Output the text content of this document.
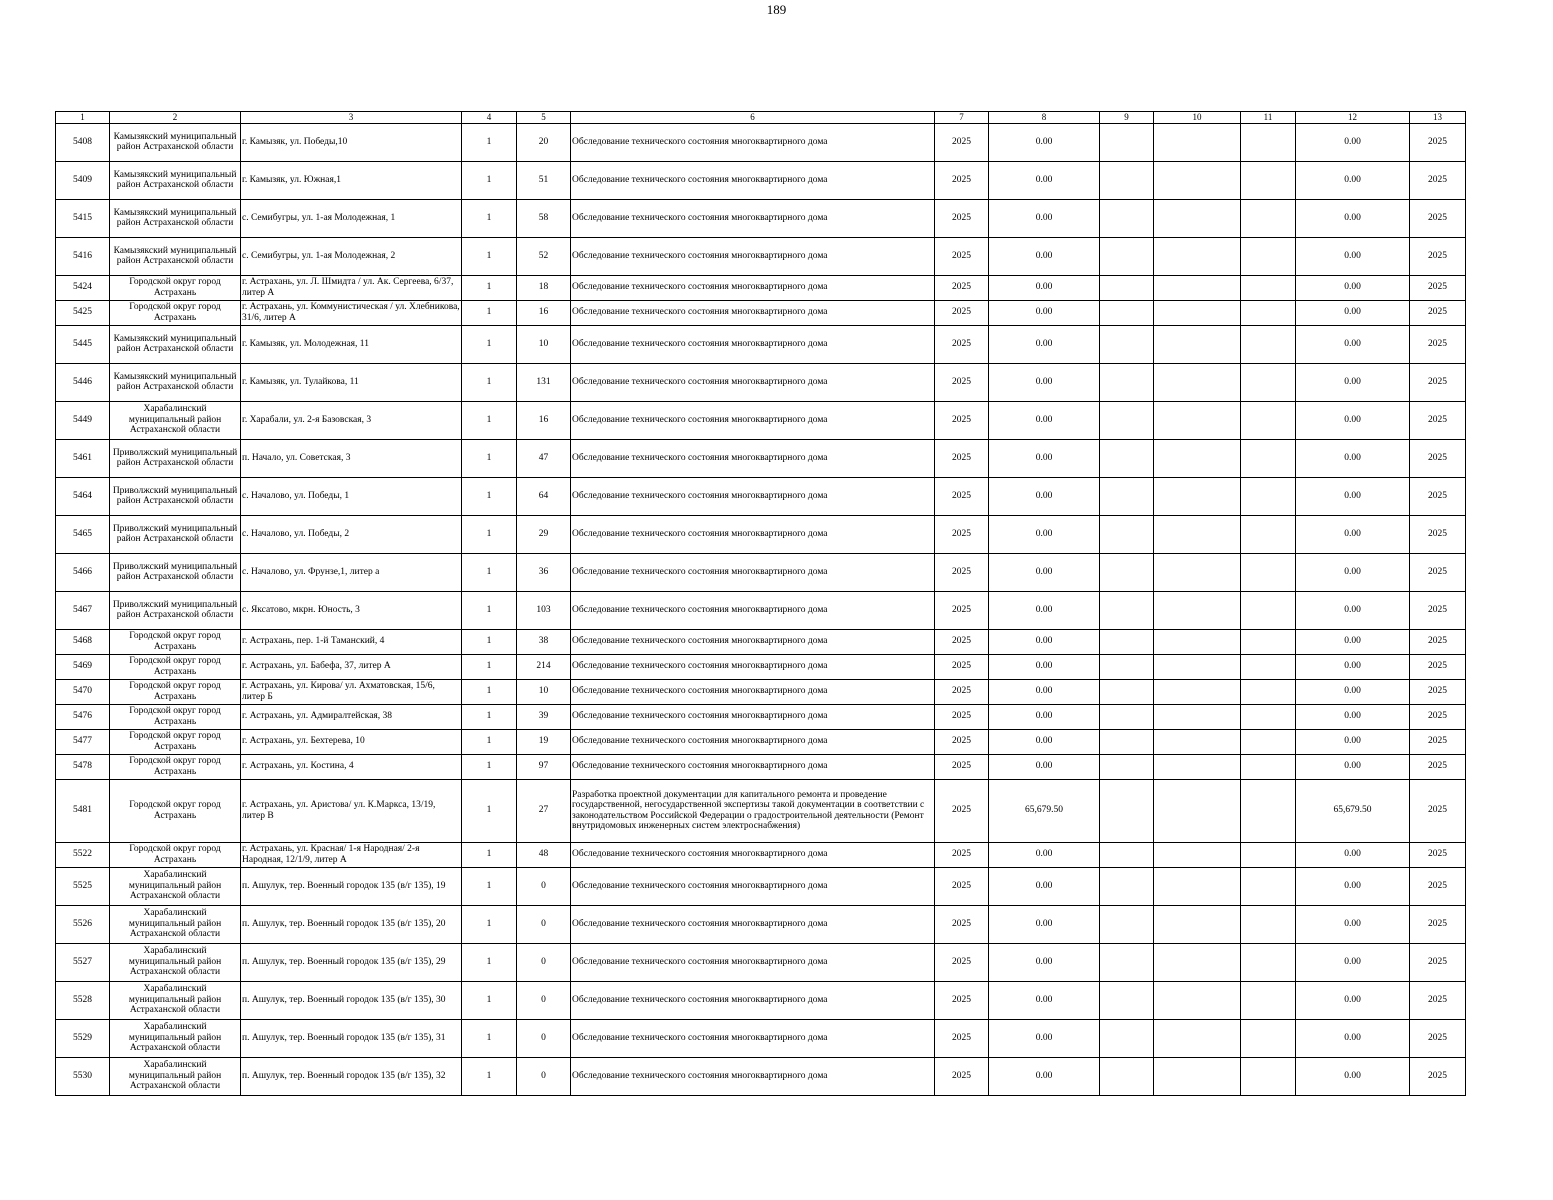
189
1	2	3	4	5	6	7	8	9	10	11	12	13
5408	Камызякский муниципальный район Астраханской области	г. Камызяк, ул. Победы,10	1	20	Обследование технического состояния многоквартирного дома	2025	0.00				0.00	2025
5409	Камызякский муниципальный район Астраханской области	г. Камызяк, ул. Южная,1	1	51	Обследование технического состояния многоквартирного дома	2025	0.00				0.00	2025
5415	Камызякский муниципальный район Астраханской области	с. Семибугры, ул. 1-ая Молодежная, 1	1	58	Обследование технического состояния многоквартирного дома	2025	0.00				0.00	2025
5416	Камызякский муниципальный район Астраханской области	с. Семибугры, ул. 1-ая Молодежная, 2	1	52	Обследование технического состояния многоквартирного дома	2025	0.00				0.00	2025
5424	Городской округ город Астрахань	г. Астрахань, ул. Л. Шмидта / ул. Ак. Сергеева, 6/37, литер А	1	18	Обследование технического состояния многоквартирного дома	2025	0.00				0.00	2025
5425	Городской округ город Астрахань	г. Астрахань, ул. Коммунистическая / ул. Хлебникова, 31/6, литер А	1	16	Обследование технического состояния многоквартирного дома	2025	0.00				0.00	2025
5445	Камызякский муниципальный район Астраханской области	г. Камызяк, ул. Молодежная, 11	1	10	Обследование технического состояния многоквартирного дома	2025	0.00				0.00	2025
5446	Камызякский муниципальный район Астраханской области	г. Камызяк, ул. Тулайкова, 11	1	131	Обследование технического состояния многоквартирного дома	2025	0.00				0.00	2025
5449	Харабалинский муниципальный район Астраханской области	г. Харабали, ул. 2-я Базовская, 3	1	16	Обследование технического состояния многоквартирного дома	2025	0.00				0.00	2025
5461	Приволжский муниципальный район Астраханской области	п. Начало, ул. Советская, 3	1	47	Обследование технического состояния многоквартирного дома	2025	0.00				0.00	2025
5464	Приволжский муниципальный район Астраханской области	с. Началово, ул. Победы, 1	1	64	Обследование технического состояния многоквартирного дома	2025	0.00				0.00	2025
5465	Приволжский муниципальный район Астраханской области	с. Началово, ул. Победы, 2	1	29	Обследование технического состояния многоквартирного дома	2025	0.00				0.00	2025
5466	Приволжский муниципальный район Астраханской области	с. Началово, ул. Фрунзе,1, литер а	1	36	Обследование технического состояния многоквартирного дома	2025	0.00				0.00	2025
5467	Приволжский муниципальный район Астраханской области	с. Яксатово, мкрн. Юность, 3	1	103	Обследование технического состояния многоквартирного дома	2025	0.00				0.00	2025
5468	Городской округ город Астрахань	г. Астрахань, пер. 1-й Таманский, 4	1	38	Обследование технического состояния многоквартирного дома	2025	0.00				0.00	2025
5469	Городской округ город Астрахань	г. Астрахань, ул. Бабефа, 37, литер А	1	214	Обследование технического состояния многоквартирного дома	2025	0.00				0.00	2025
5470	Городской округ город Астрахань	г. Астрахань, ул. Кирова/ ул. Ахматовская, 15/6, литер Б	1	10	Обследование технического состояния многоквартирного дома	2025	0.00				0.00	2025
5476	Городской округ город Астрахань	г. Астрахань, ул. Адмиралтейская, 38	1	39	Обследование технического состояния многоквартирного дома	2025	0.00				0.00	2025
5477	Городской округ город Астрахань	г. Астрахань, ул. Бехтерева, 10	1	19	Обследование технического состояния многоквартирного дома	2025	0.00				0.00	2025
5478	Городской округ город Астрахань	г. Астрахань, ул. Костина, 4	1	97	Обследование технического состояния многоквартирного дома	2025	0.00				0.00	2025
5481	Городской округ город Астрахань	г. Астрахань, ул. Аристова/ ул. К.Маркса, 13/19, литер В	1	27	Разработка проектной документации для капитального ремонта и проведение государственной, негосударственной экспертизы такой документации в соответствии с законодательством Российской Федерации о градостроительной деятельности (Ремонт внутридомовых инженерных систем электроснабжения)	2025	65,679.50				65,679.50	2025
5522	Городской округ город Астрахань	г. Астрахань, ул. Красная/ 1-я Народная/ 2-я Народная, 12/1/9, литер А	1	48	Обследование технического состояния многоквартирного дома	2025	0.00				0.00	2025
5525	Харабалинский муниципальный район Астраханской области	п. Ашулук, тер. Военный городок 135 (в/г 135), 19	1	0	Обследование технического состояния многоквартирного дома	2025	0.00				0.00	2025
5526	Харабалинский муниципальный район Астраханской области	п. Ашулук, тер. Военный городок 135 (в/г 135), 20	1	0	Обследование технического состояния многоквартирного дома	2025	0.00				0.00	2025
5527	Харабалинский муниципальный район Астраханской области	п. Ашулук, тер. Военный городок 135 (в/г 135), 29	1	0	Обследование технического состояния многоквартирного дома	2025	0.00				0.00	2025
5528	Харабалинский муниципальный район Астраханской области	п. Ашулук, тер. Военный городок 135 (в/г 135), 30	1	0	Обследование технического состояния многоквартирного дома	2025	0.00				0.00	2025
5529	Харабалинский муниципальный район Астраханской области	п. Ашулук, тер. Военный городок 135 (в/г 135), 31	1	0	Обследование технического состояния многоквартирного дома	2025	0.00				0.00	2025
5530	Харабалинский муниципальный район Астраханской области	п. Ашулук, тер. Военный городок 135 (в/г 135), 32	1	0	Обследование технического состояния многоквартирного дома	2025	0.00				0.00	2025
